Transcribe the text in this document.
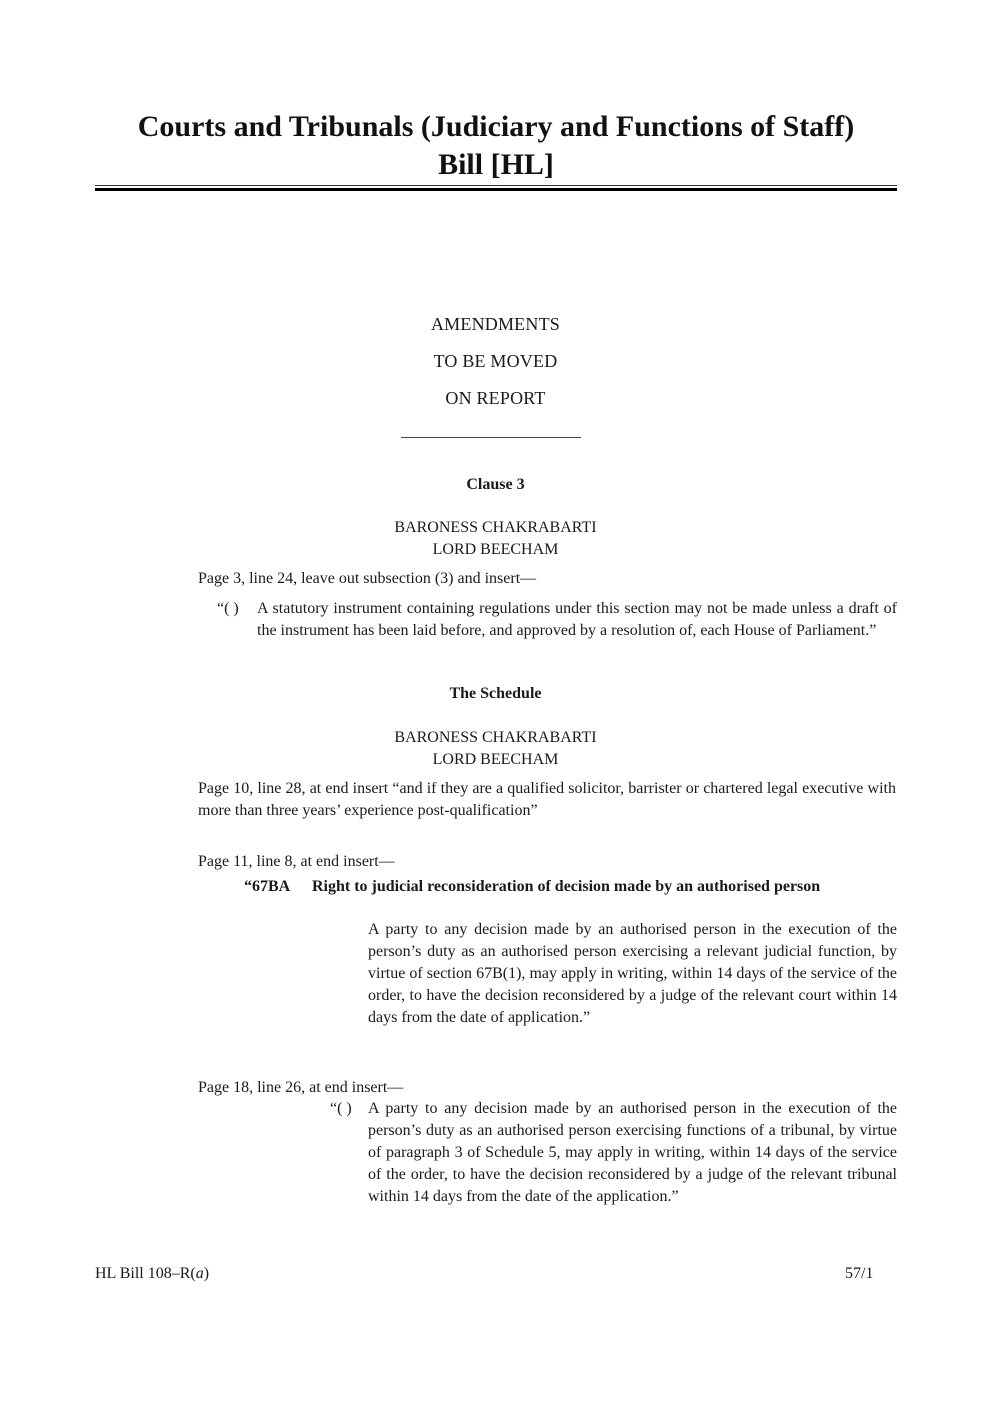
Courts and Tribunals (Judiciary and Functions of Staff)
Bill [HL]
AMENDMENTS
TO BE MOVED
ON REPORT
Clause 3
BARONESS CHAKRABARTI
LORD BEECHAM
Page 3, line 24, leave out subsection (3) and insert—
“( )	A statutory instrument containing regulations under this section may not be made unless a draft of the instrument has been laid before, and approved by a resolution of, each House of Parliament.”
The Schedule
BARONESS CHAKRABARTI
LORD BEECHAM
Page 10, line 28, at end insert “and if they are a qualified solicitor, barrister or chartered legal executive with more than three years’ experience post-qualification”
Page 11, line 8, at end insert—
“67BA	Right to judicial reconsideration of decision made by an authorised person
A party to any decision made by an authorised person in the execution of the person’s duty as an authorised person exercising a relevant judicial function, by virtue of section 67B(1), may apply in writing, within 14 days of the service of the order, to have the decision reconsidered by a judge of the relevant court within 14 days from the date of application.”
Page 18, line 26, at end insert—
“( )	A party to any decision made by an authorised person in the execution of the person’s duty as an authorised person exercising functions of a tribunal, by virtue of paragraph 3 of Schedule 5, may apply in writing, within 14 days of the service of the order, to have the decision reconsidered by a judge of the relevant tribunal within 14 days from the date of the application.”
HL Bill 108–R(a)	57/1
